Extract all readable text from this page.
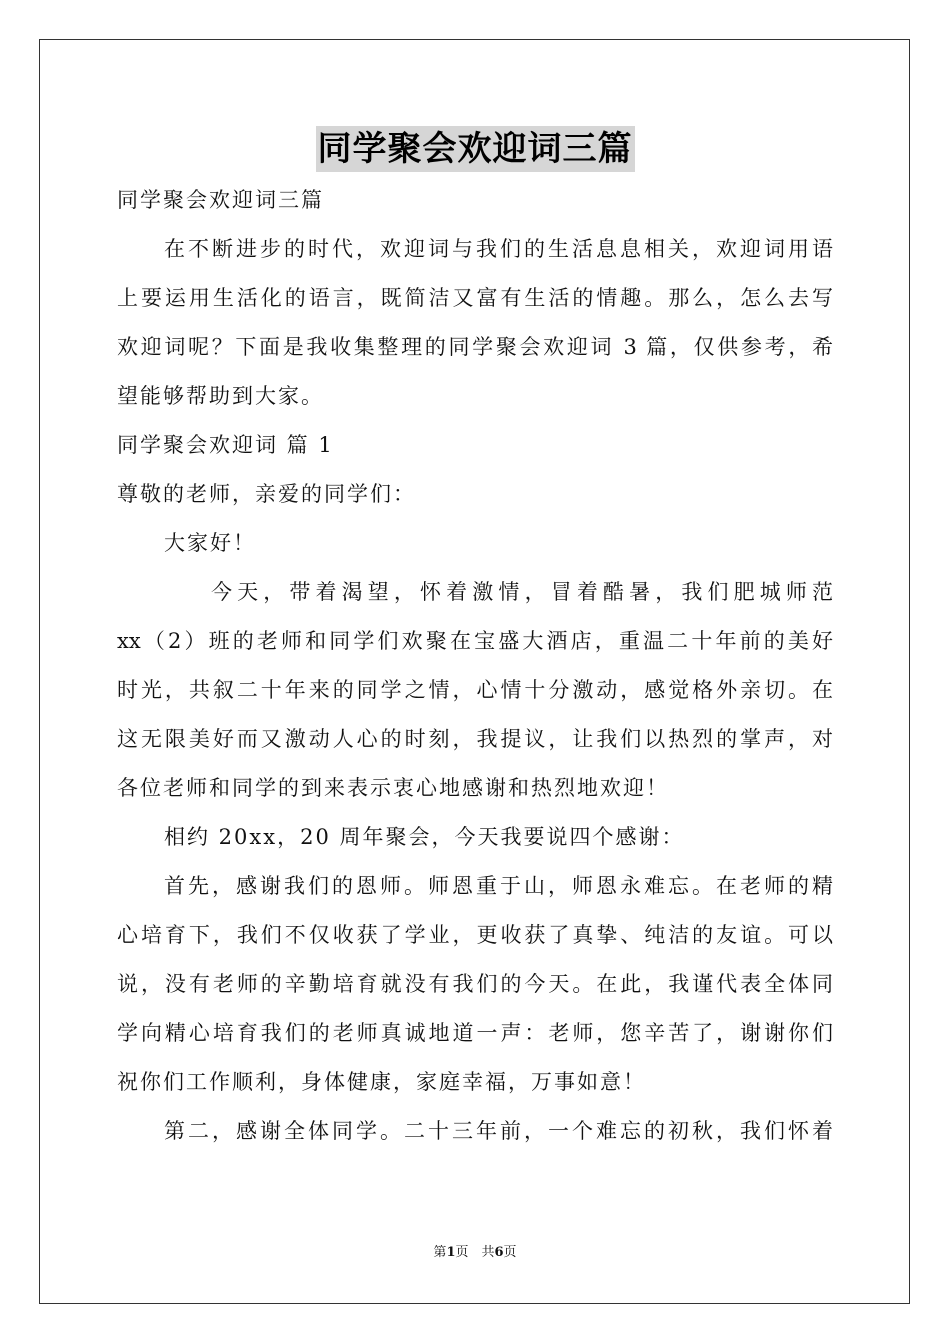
同学聚会欢迎词三篇
同学聚会欢迎词三篇
在不断进步的时代，欢迎词与我们的生活息息相关，欢迎词用语
上要运用生活化的语言，既简洁又富有生活的情趣。那么，怎么去写
欢迎词呢？下面是我收集整理的同学聚会欢迎词 3 篇，仅供参考，希
望能够帮助到大家。
同学聚会欢迎词 篇 1
尊敬的老师，亲爱的同学们：
大家好！
今天，带着渴望，怀着激情，冒着酷暑，我们肥城师范
xx（2）班的老师和同学们欢聚在宝盛大酒店，重温二十年前的美好
时光，共叙二十年来的同学之情，心情十分激动，感觉格外亲切。在
这无限美好而又激动人心的时刻，我提议，让我们以热烈的掌声，对
各位老师和同学的到来表示衷心地感谢和热烈地欢迎！
相约 20xx，20 周年聚会，今天我要说四个感谢：
首先，感谢我们的恩师。师恩重于山，师恩永难忘。在老师的精
心培育下，我们不仅收获了学业，更收获了真挚、纯洁的友谊。可以
说，没有老师的辛勤培育就没有我们的今天。在此，我谨代表全体同
学向精心培育我们的老师真诚地道一声：老师，您辛苦了，谢谢你们
祝你们工作顺利，身体健康，家庭幸福，万事如意！
第二，感谢全体同学。二十三年前，一个难忘的初秋，我们怀着
第1页　共6页
